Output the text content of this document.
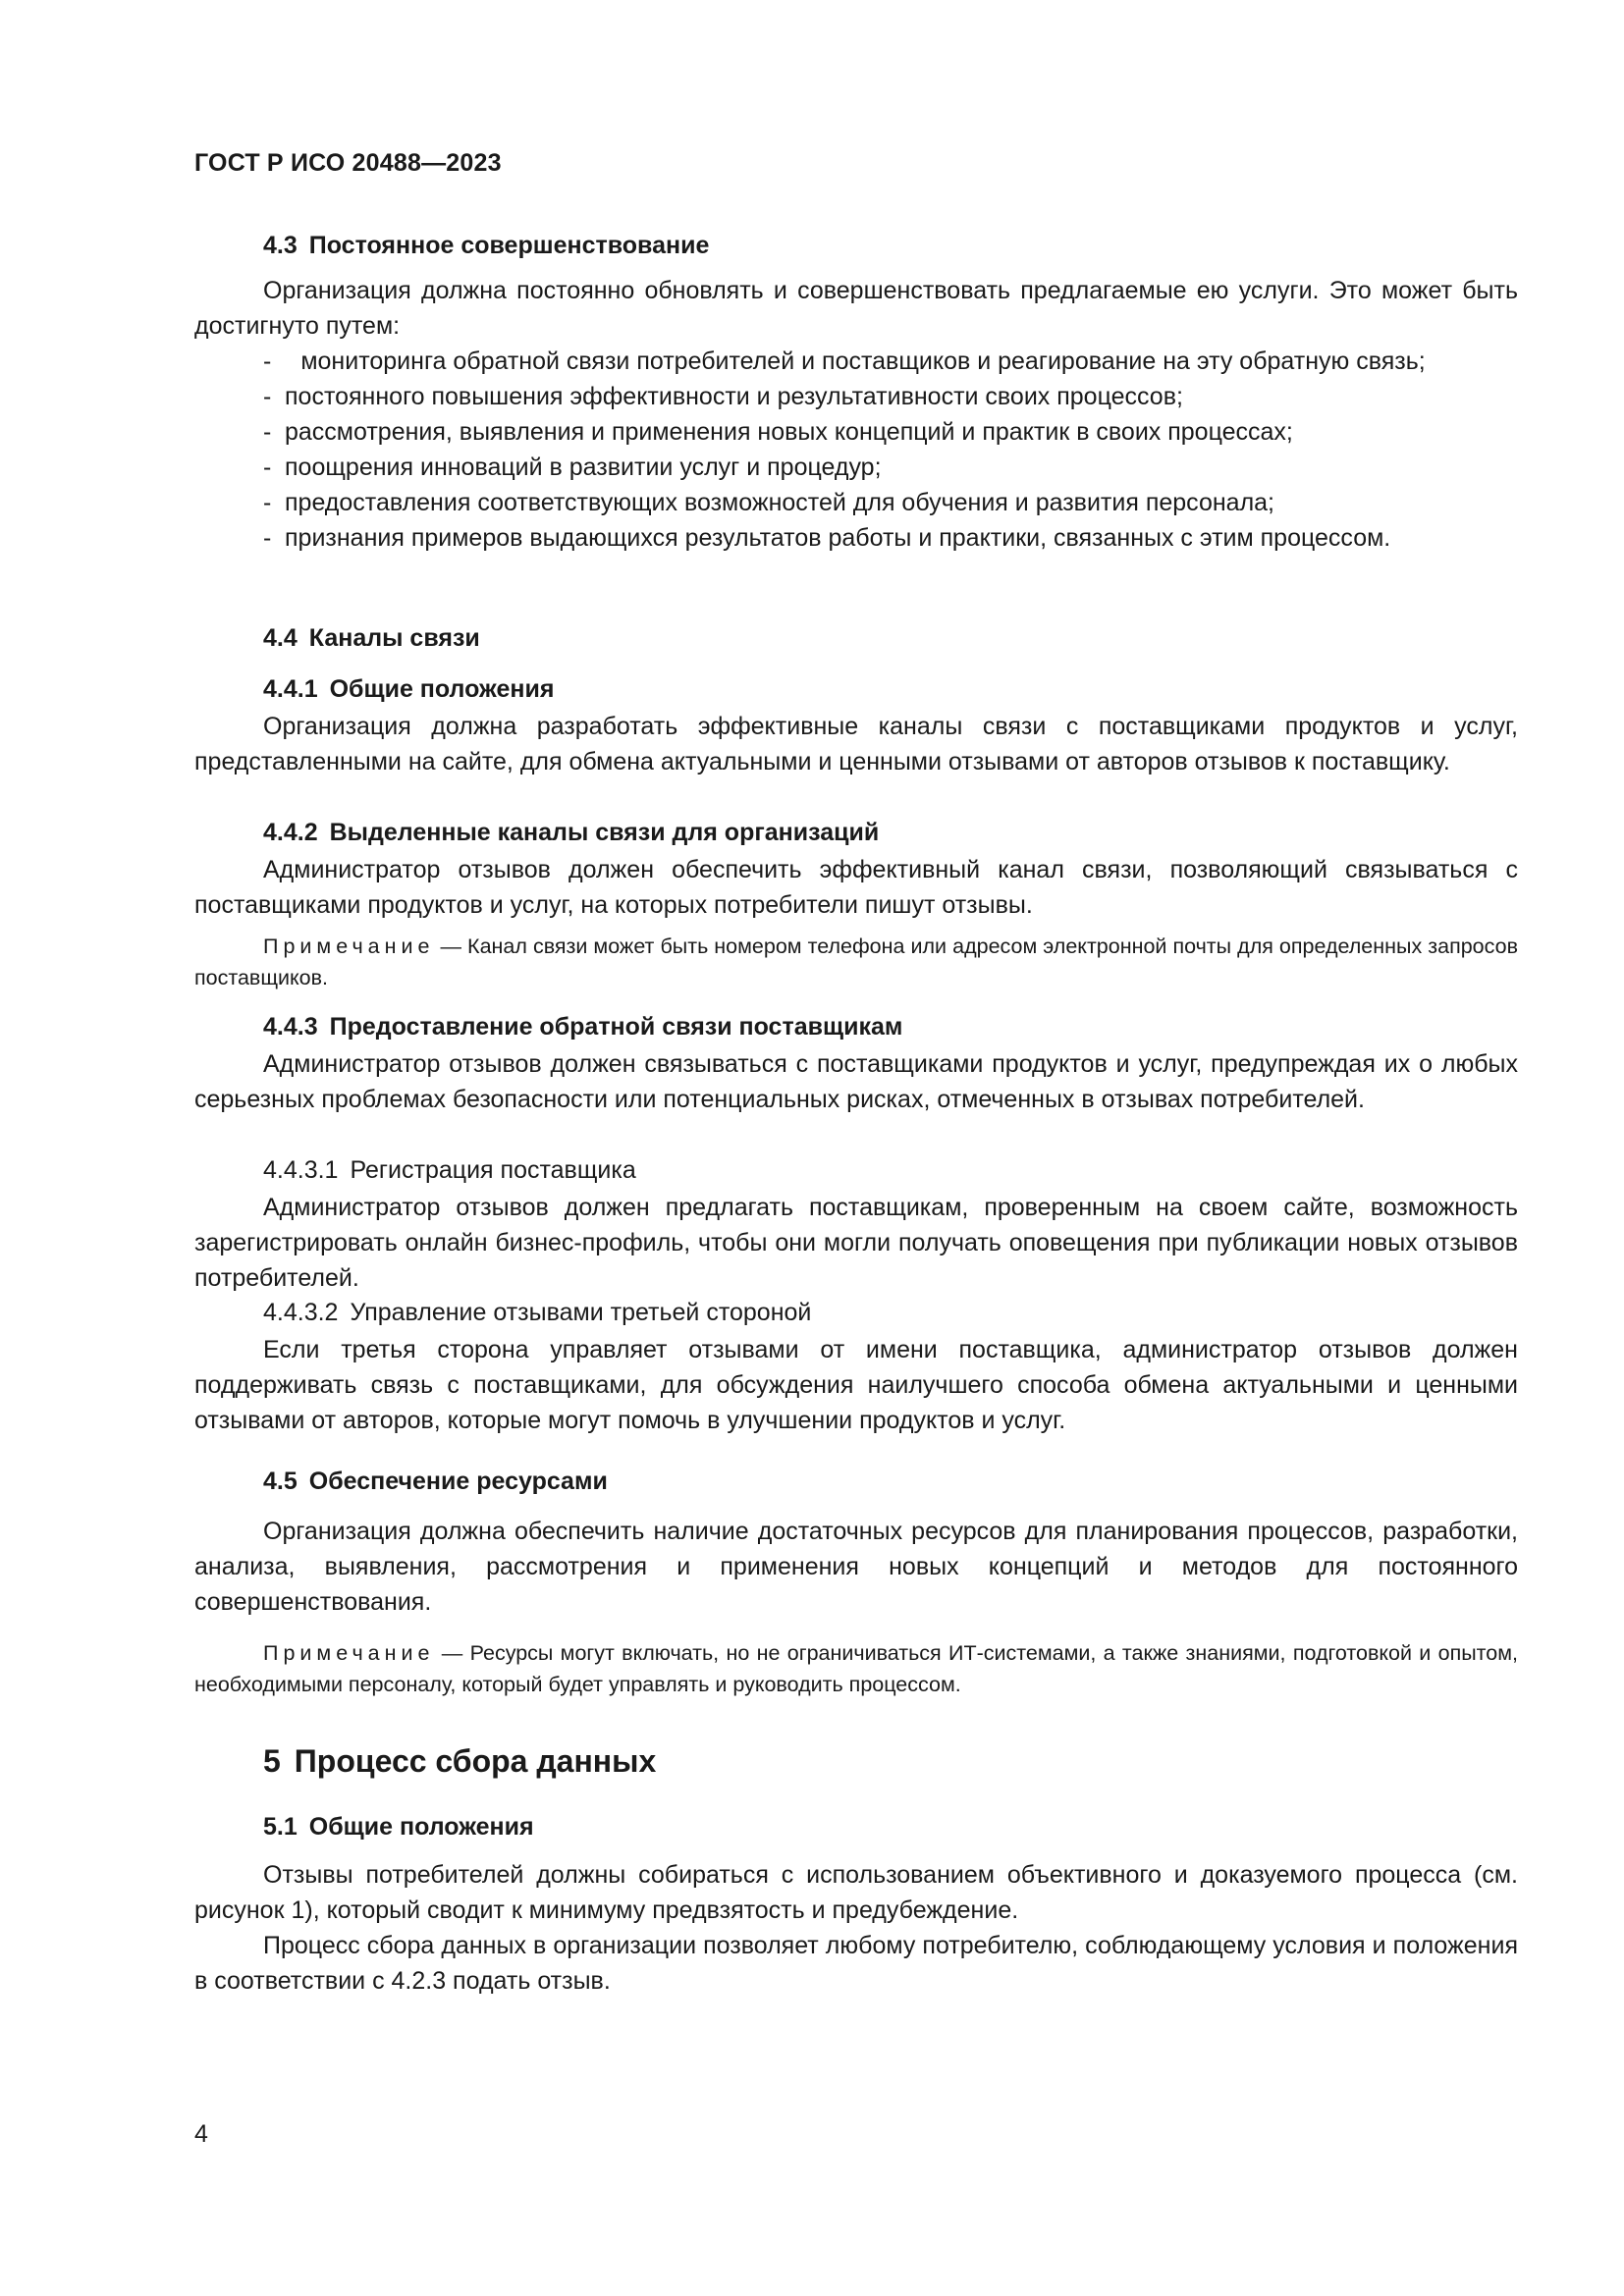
ГОСТ Р ИСО 20488—2023
4.3 Постоянное совершенствование
Организация должна постоянно обновлять и совершенствовать предлагаемые ею услуги. Это может быть достигнуто путем:
- мониторинга обратной связи потребителей и поставщиков и реагирование на эту обратную связь;
- постоянного повышения эффективности и результативности своих процессов;
- рассмотрения, выявления и применения новых концепций и практик в своих процессах;
- поощрения инноваций в развитии услуг и процедур;
- предоставления соответствующих возможностей для обучения и развития персонала;
- признания примеров выдающихся результатов работы и практики, связанных с этим процессом.
4.4 Каналы связи
4.4.1 Общие положения
Организация должна разработать эффективные каналы связи с поставщиками продуктов и услуг, представленными на сайте, для обмена актуальными и ценными отзывами от авторов отзывов к поставщику.
4.4.2 Выделенные каналы связи для организаций
Администратор отзывов должен обеспечить эффективный канал связи, позволяющий связываться с поставщиками продуктов и услуг, на которых потребители пишут отзывы.
Примечание — Канал связи может быть номером телефона или адресом электронной почты для определенных запросов поставщиков.
4.4.3 Предоставление обратной связи поставщикам
Администратор отзывов должен связываться с поставщиками продуктов и услуг, предупреждая их о любых серьезных проблемах безопасности или потенциальных рисках, отмеченных в отзывах потребителей.
4.4.3.1 Регистрация поставщика
Администратор отзывов должен предлагать поставщикам, проверенным на своем сайте, возможность зарегистрировать онлайн бизнес-профиль, чтобы они могли получать оповещения при публикации новых отзывов потребителей.
4.4.3.2 Управление отзывами третьей стороной
Если третья сторона управляет отзывами от имени поставщика, администратор отзывов должен поддерживать связь с поставщиками, для обсуждения наилучшего способа обмена актуальными и ценными отзывами от авторов, которые могут помочь в улучшении продуктов и услуг.
4.5 Обеспечение ресурсами
Организация должна обеспечить наличие достаточных ресурсов для планирования процессов, разработки, анализа, выявления, рассмотрения и применения новых концепций и методов для постоянного совершенствования.
Примечание — Ресурсы могут включать, но не ограничиваться ИТ-системами, а также знаниями, подготовкой и опытом, необходимыми персоналу, который будет управлять и руководить процессом.
5 Процесс сбора данных
5.1 Общие положения
Отзывы потребителей должны собираться с использованием объективного и доказуемого процесса (см. рисунок 1), который сводит к минимуму предвзятость и предубеждение.
Процесс сбора данных в организации позволяет любому потребителю, соблюдающему условия и положения в соответствии с 4.2.3 подать отзыв.
4
